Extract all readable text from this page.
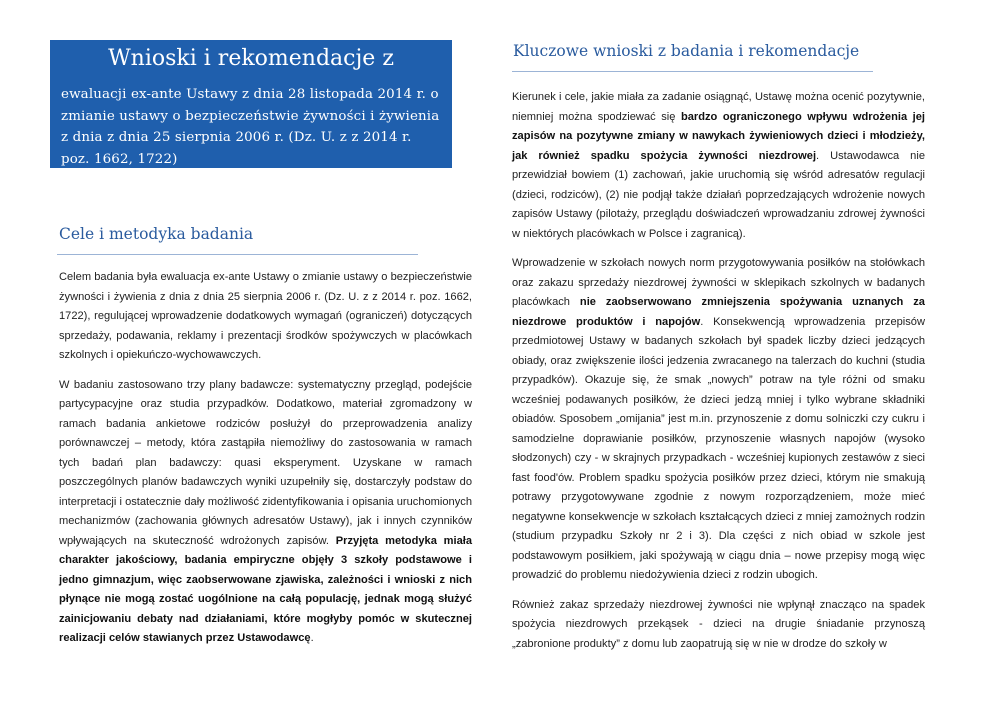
Wnioski i rekomendacje z

ewaluacji ex-ante Ustawy z dnia 28 listopada 2014 r. o zmianie ustawy o bezpieczeństwie żywności i żywienia z dnia z dnia 25 sierpnia 2006 r. (Dz. U. z z 2014 r. poz. 1662, 1722)

Cele i metodyka badania

Celem badania była ewaluacja ex-ante Ustawy o zmianie ustawy o bezpieczeństwie żywności i żywienia z dnia z dnia 25 sierpnia 2006 r. (Dz. U. z z 2014 r. poz. 1662, 1722), regulującej wprowadzenie dodatkowych wymagań (ograniczeń) dotyczących sprzedaży, podawania, reklamy i prezentacji środków spożywczych w placówkach szkolnych i opiekuńczo-wychowawczych.

W badaniu zastosowano trzy plany badawcze: systematyczny przegląd, podejście partycypacyjne oraz studia przypadków. Dodatkowo, materiał zgromadzony w ramach badania ankietowe rodziców posłużył do przeprowadzenia analizy porównawczej – metody, która zastąpiła niemożliwy do zastosowania w ramach tych badań plan badawczy: quasi eksperyment. Uzyskane w ramach poszczególnych planów badawczych wyniki uzupełniły się, dostarczyły podstaw do interpretacji i ostatecznie dały możliwość zidentyfikowania i opisania uruchomionych mechanizmów (zachowania głównych adresatów Ustawy), jak i innych czynników wpływających na skuteczność wdrożonych zapisów. Przyjęta metodyka miała charakter jakościowy, badania empiryczne objęły 3 szkoły podstawowe i jedno gimnazjum, więc zaobserwowane zjawiska, zależności i wnioski z nich płynące nie mogą zostać uogólnione na całą populację, jednak mogą służyć zainicjowaniu debaty nad działaniami, które mogłyby pomóc w skutecznej realizacji celów stawianych przez Ustawodawcę.

Kluczowe wnioski z badania i rekomendacje

Kierunek i cele, jakie miała za zadanie osiągnąć, Ustawę można ocenić pozytywnie, niemniej można spodziewać się bardzo ograniczonego wpływu wdrożenia jej zapisów na pozytywne zmiany w nawykach żywieniowych dzieci i młodzieży, jak również spadku spożycia żywności niezdrowej. Ustawodawca nie przewidział bowiem (1) zachowań, jakie uruchomią się wśród adresatów regulacji (dzieci, rodziców), (2) nie podjął także działań poprzedzających wdrożenie nowych zapisów Ustawy (pilotaży, przeglądu doświadczeń wprowadzaniu zdrowej żywności w niektórych placówkach w Polsce i zagranicą).

Wprowadzenie w szkołach nowych norm przygotowywania posiłków na stołówkach oraz zakazu sprzedaży niezdrowej żywności w sklepikach szkolnych w badanych placówkach nie zaobserwowano zmniejszenia spożywania uznanych za niezdrowe produktów i napojów. Konsekwencją wprowadzenia przepisów przedmiotowej Ustawy w badanych szkołach był spadek liczby dzieci jedzących obiady, oraz zwiększenie ilości jedzenia zwracanego na talerzach do kuchni (studia przypadków). Okazuje się, że smak „nowych” potraw na tyle różni od smaku wcześniej podawanych posiłków, że dzieci jedzą mniej i tylko wybrane składniki obiadów. Sposobem „omijania” jest m.in. przynoszenie z domu solniczki czy cukru i samodzielne doprawianie posiłków, przynoszenie własnych napojów (wysoko słodzonych) czy - w skrajnych przypadkach - wcześniej kupionych zestawów z sieci fast food'ów. Problem spadku spożycia posiłków przez dzieci, którym nie smakują potrawy przygotowywane zgodnie z nowym rozporządzeniem, może mieć negatywne konsekwencje w szkołach kształcących dzieci z mniej zamożnych rodzin (studium przypadku Szkoły nr 2 i 3). Dla części z nich obiad w szkole jest podstawowym posiłkiem, jaki spożywają w ciągu dnia – nowe przepisy mogą więc prowadzić do problemu niedożywienia dzieci z rodzin ubogich.

Również zakaz sprzedaży niezdrowej żywności nie wpłynął znacząco na spadek spożycia niezdrowych przekąsek - dzieci na drugie śniadanie przynoszą „zabronione produkty” z domu lub zaopatrują się w nie w drodze do szkoły w
